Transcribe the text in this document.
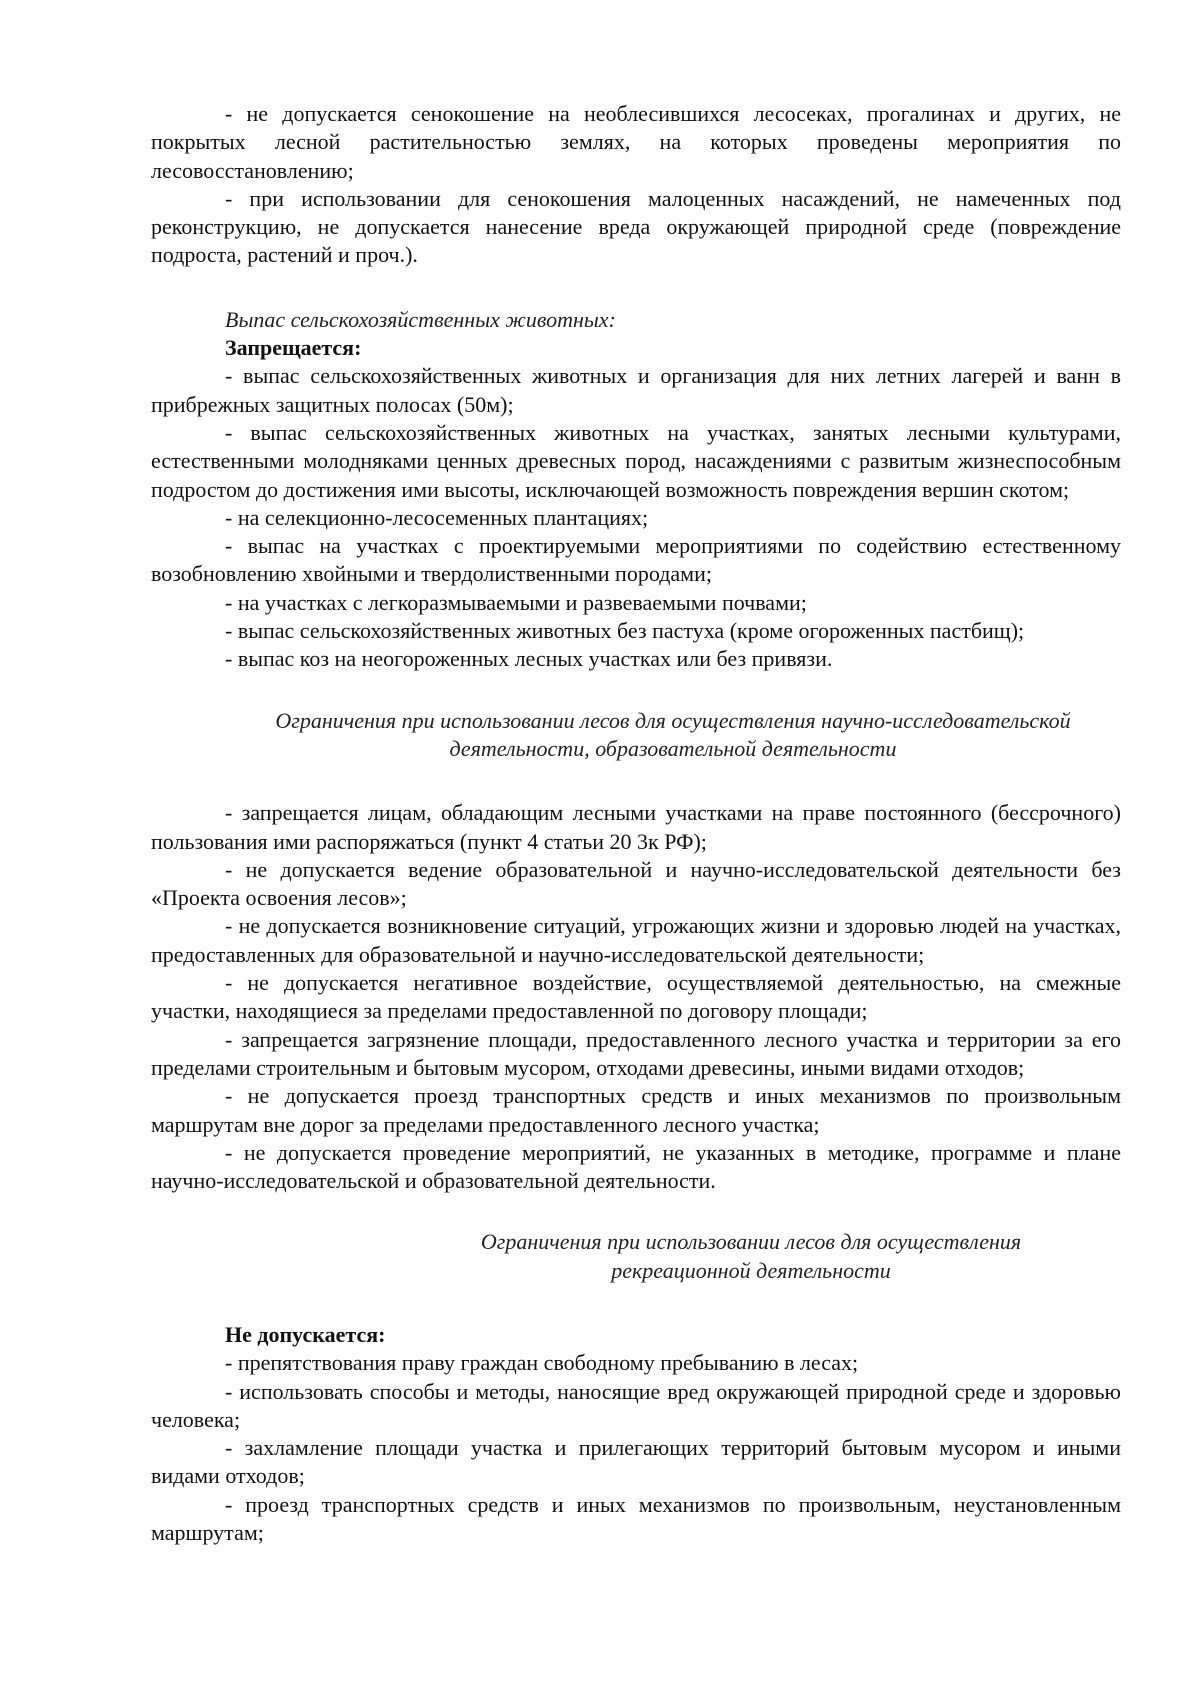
- не допускается сенокошение на необлесившихся лесосеках, прогалинах и других, не покрытых лесной растительностью землях, на которых проведены мероприятия по лесовосстановлению;

- при использовании для сенокошения малоценных насаждений, не намеченных под реконструкцию, не допускается нанесение вреда окружающей природной среде (повреждение подроста, растений и проч.).

Выпас сельскохозяйственных животных:

Запрещается:

- выпас сельскохозяйственных животных и организация для них летних лагерей и ванн в прибрежных защитных полосах (50м);

- выпас сельскохозяйственных животных на участках, занятых лесными культурами, естественными молодняками ценных древесных пород, насаждениями с развитым жизнеспособным подростом до достижения ими высоты, исключающей возможность повреждения вершин скотом;

- на селекционно-лесосеменных плантациях;

- выпас на участках с проектируемыми мероприятиями по содействию естественному возобновлению хвойными и твердолиственными породами;

- на участках с легкоразмываемыми и развеваемыми почвами;

- выпас сельскохозяйственных животных без пастуха (кроме огороженных пастбищ);

- выпас коз на неогороженных лесных участках или без привязи.

Ограничения при использовании лесов для осуществления научно-исследовательской

деятельности, образовательной деятельности

- запрещается лицам, обладающим лесными участками на праве постоянного (бессрочного) пользования ими распоряжаться (пункт 4 статьи 20 3к РФ);

- не допускается ведение образовательной и научно-исследовательской деятельности без «Проекта освоения лесов»;

- не допускается возникновение ситуаций, угрожающих жизни и здоровью людей на участках, предоставленных для образовательной и научно-исследовательской деятельности;

- не допускается негативное воздействие, осуществляемой деятельностью, на смежные участки, находящиеся за пределами предоставленной по договору площади;

- запрещается загрязнение площади, предоставленного лесного участка и территории за его пределами строительным и бытовым мусором, отходами древесины, иными видами отходов;

- не допускается проезд транспортных средств и иных механизмов по произвольным маршрутам вне дорог за пределами предоставленного лесного участка;

- не допускается проведение мероприятий, не указанных в методике, программе и плане научно-исследовательской и образовательной деятельности.

Ограничения при использовании лесов для осуществления

рекреационной деятельности

Не допускается:

- препятствования праву граждан свободному пребыванию в лесах;

- использовать способы и методы, наносящие вред окружающей природной среде и здоровью человека;

- захламление площади участка и прилегающих территорий бытовым мусором и иными видами отходов;

- проезд транспортных средств и иных механизмов по произвольным, неустановленным маршрутам;
